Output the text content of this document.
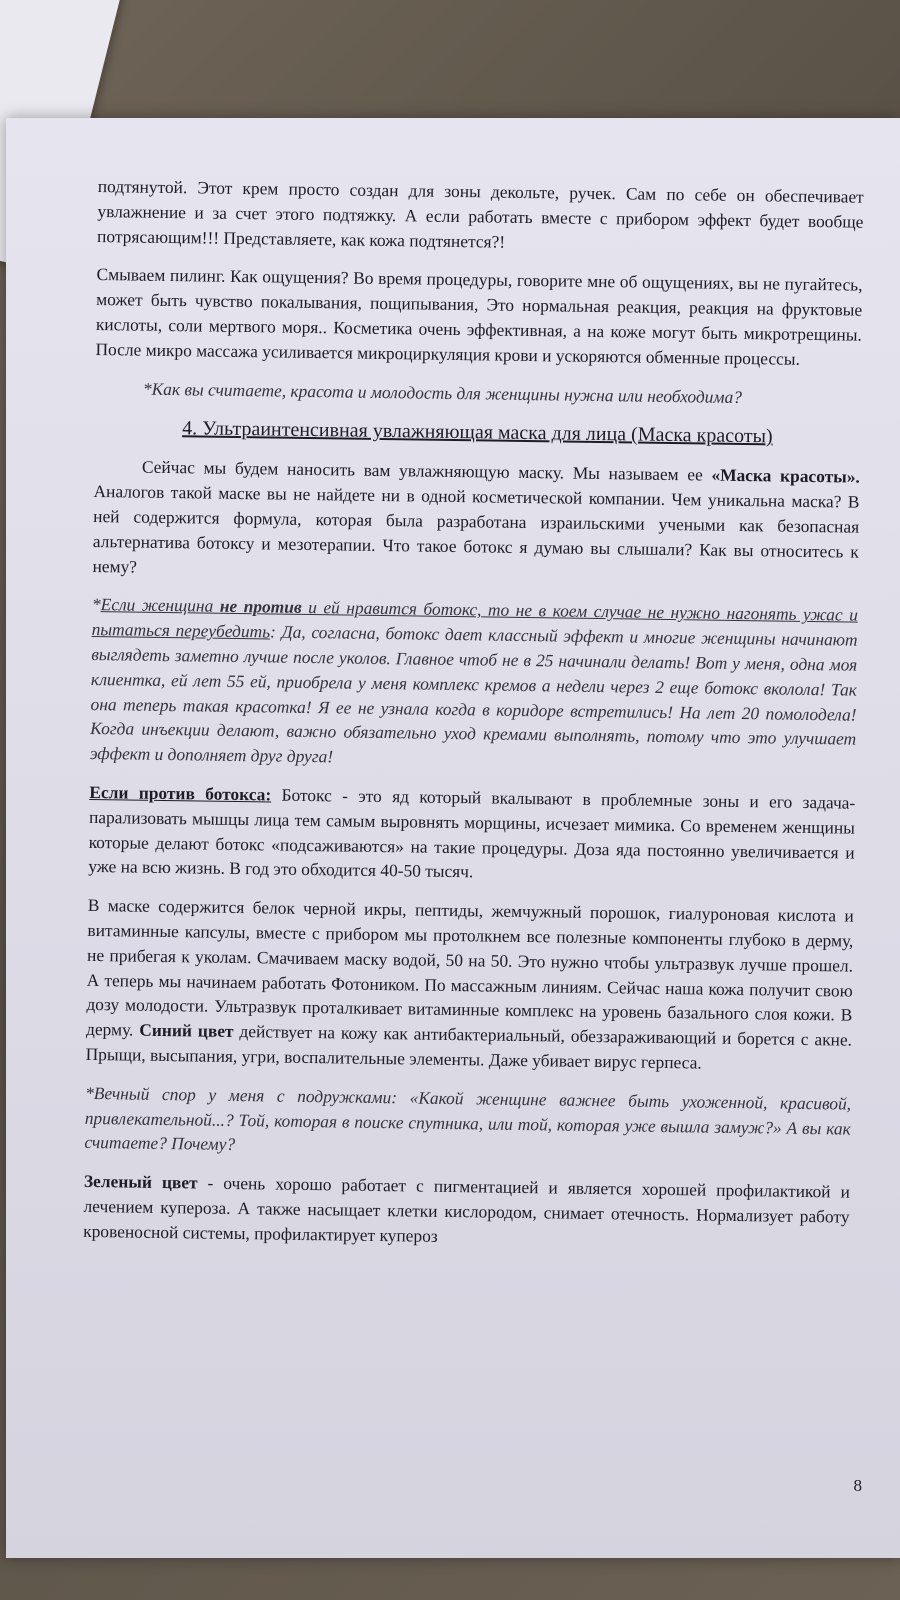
подтянутой. Этот крем просто создан для зоны декольте, ручек. Сам по себе он обеспечивает увлажнение и за счет этого подтяжку. А если работать вместе с прибором эффект будет вообще потрясающим!!! Представляете, как кожа подтянется?!

Смываем пилинг. Как ощущения? Во время процедуры, говорите мне об ощущениях, вы не пугайтесь, может быть чувство покалывания, пощипывания, Это нормальная реакция, реакция на фруктовые кислоты, соли мертвого моря.. Косметика очень эффективная, а на коже могут быть микротрещины. После микро массажа усиливается микроциркуляция крови и ускоряются обменные процессы.

*Как вы считаете, красота и молодость для женщины нужна или необходима?

4. Ультраинтенсивная увлажняющая маска для лица (Маска красоты)

Сейчас мы будем наносить вам увлажняющую маску. Мы называем ее «Маска красоты». Аналогов такой маске вы не найдете ни в одной косметической компании. Чем уникальна маска? В ней содержится формула, которая была разработана израильскими учеными как безопасная альтернатива ботоксу и мезотерапии. Что такое ботокс я думаю вы слышали? Как вы относитесь к нему?

*Если женщина не против и ей нравится ботокс, то не в коем случае не нужно нагонять ужас и пытаться переубедить: Да, согласна, ботокс дает классный эффект и многие женщины начинают выглядеть заметно лучше после уколов. Главное чтоб не в 25 начинали делать! Вот у меня, одна моя клиентка, ей лет 55 ей, приобрела у меня комплекс кремов а недели через 2 еще ботокс вколола! Так она теперь такая красотка! Я ее не узнала когда в коридоре встретились! На лет 20 помолодела! Когда инъекции делают, важно обязательно уход кремами выполнять, потому что это улучшает эффект и дополняет друг друга!

Если против ботокса: Ботокс - это яд который вкалывают в проблемные зоны и его задача-парализовать мышцы лица тем самым выровнять морщины, исчезает мимика. Со временем женщины которые делают ботокс «подсаживаются» на такие процедуры. Доза яда постоянно увеличивается и уже на всю жизнь. В год это обходится 40-50 тысяч.

В маске содержится белок черной икры, пептиды, жемчужный порошок, гиалуроновая кислота и витаминные капсулы, вместе с прибором мы протолкнем все полезные компоненты глубоко в дерму, не прибегая к уколам. Смачиваем маску водой, 50 на 50. Это нужно чтобы ультразвук лучше прошел. А теперь мы начинаем работать Фотоником. По массажным линиям. Сейчас наша кожа получит свою дозу молодости. Ультразвук проталкивает витаминные комплекс на уровень базального слоя кожи. В дерму. Синий цвет действует на кожу как антибактериальный, обеззараживающий и борется с акне. Прыщи, высыпания, угри, воспалительные элементы. Даже убивает вирус герпеса.

*Вечный спор у меня с подружками: «Какой женщине важнее быть ухоженной, красивой, привлекательной...? Той, которая в поиске спутника, или той, которая уже вышла замуж?» А вы как считаете? Почему?

Зеленый цвет - очень хорошо работает с пигментацией и является хорошей профилактикой и лечением купероза. А также насыщает клетки кислородом, снимает отечность. Нормализует работу кровеносной системы, профилактирует купероз

8
